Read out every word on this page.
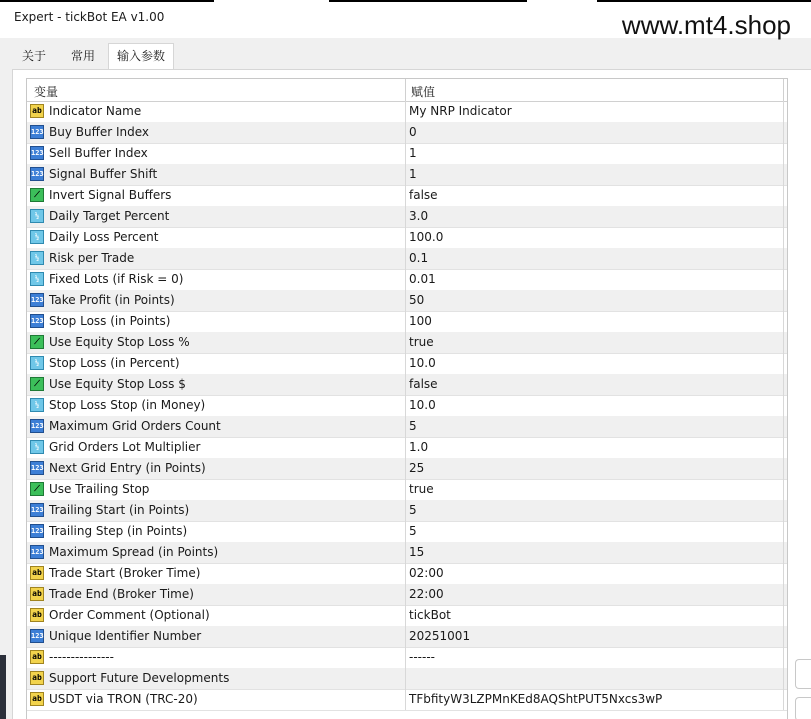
Expert - tickBot EA v1.00	www.mt4.shop
关于	常用	输入参数
变量	赋值
ab Indicator Name	My NRP Indicator
123 Buy Buffer Index	0
123 Sell Buffer Index	1
123 Signal Buffer Shift	1
⟋ Invert Signal Buffers	false
½ Daily Target Percent	3.0
½ Daily Loss Percent	100.0
½ Risk per Trade	0.1
½ Fixed Lots (if Risk = 0)	0.01
123 Take Profit (in Points)	50
123 Stop Loss (in Points)	100
⟋ Use Equity Stop Loss %	true
½ Stop Loss (in Percent)	10.0
⟋ Use Equity Stop Loss $	false
½ Stop Loss Stop (in Money)	10.0
123 Maximum Grid Orders Count	5
½ Grid Orders Lot Multiplier	1.0
123 Next Grid Entry (in Points)	25
⟋ Use Trailing Stop	true
123 Trailing Start (in Points)	5
123 Trailing Step (in Points)	5
123 Maximum Spread (in Points)	15
ab Trade Start (Broker Time)	02:00
ab Trade End (Broker Time)	22:00
ab Order Comment (Optional)	tickBot
123 Unique Identifier Number	20251001
ab ---------------	------
ab Support Future Developments
ab USDT via TRON (TRC-20)	TFbfityW3LZPMnKEd8AQShtPUT5Nxcs3wP
